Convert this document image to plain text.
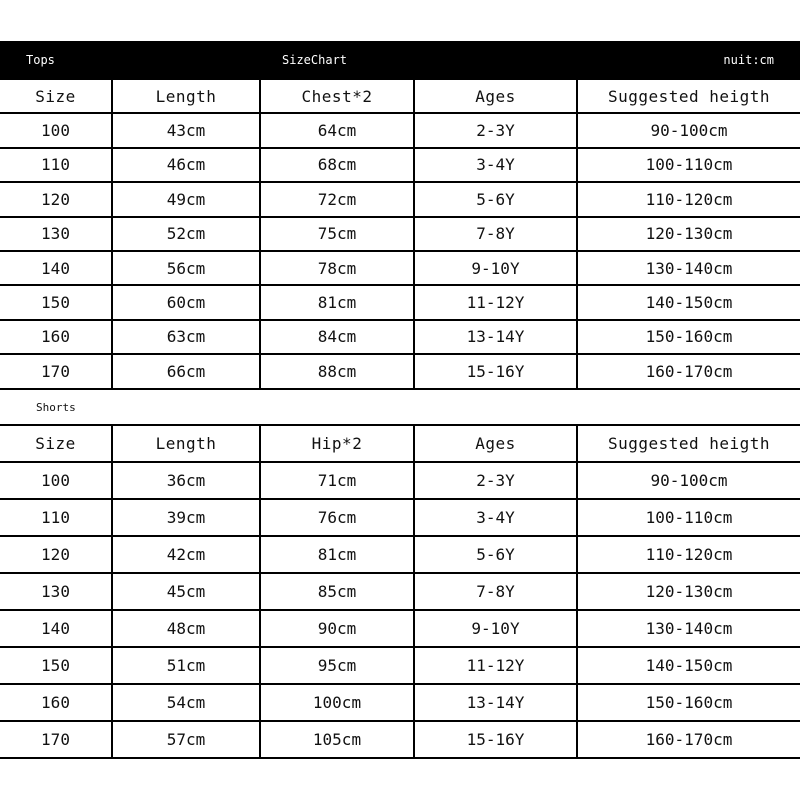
Tops	SizeChart	nuit:cm
Size	Length	Chest*2	Ages	Suggested heigth
100	43cm	64cm	2-3Y	90-100cm
110	46cm	68cm	3-4Y	100-110cm
120	49cm	72cm	5-6Y	110-120cm
130	52cm	75cm	7-8Y	120-130cm
140	56cm	78cm	9-10Y	130-140cm
150	60cm	81cm	11-12Y	140-150cm
160	63cm	84cm	13-14Y	150-160cm
170	66cm	88cm	15-16Y	160-170cm
Shorts
Size	Length	Hip*2	Ages	Suggested heigth
100	36cm	71cm	2-3Y	90-100cm
110	39cm	76cm	3-4Y	100-110cm
120	42cm	81cm	5-6Y	110-120cm
130	45cm	85cm	7-8Y	120-130cm
140	48cm	90cm	9-10Y	130-140cm
150	51cm	95cm	11-12Y	140-150cm
160	54cm	100cm	13-14Y	150-160cm
170	57cm	105cm	15-16Y	160-170cm
